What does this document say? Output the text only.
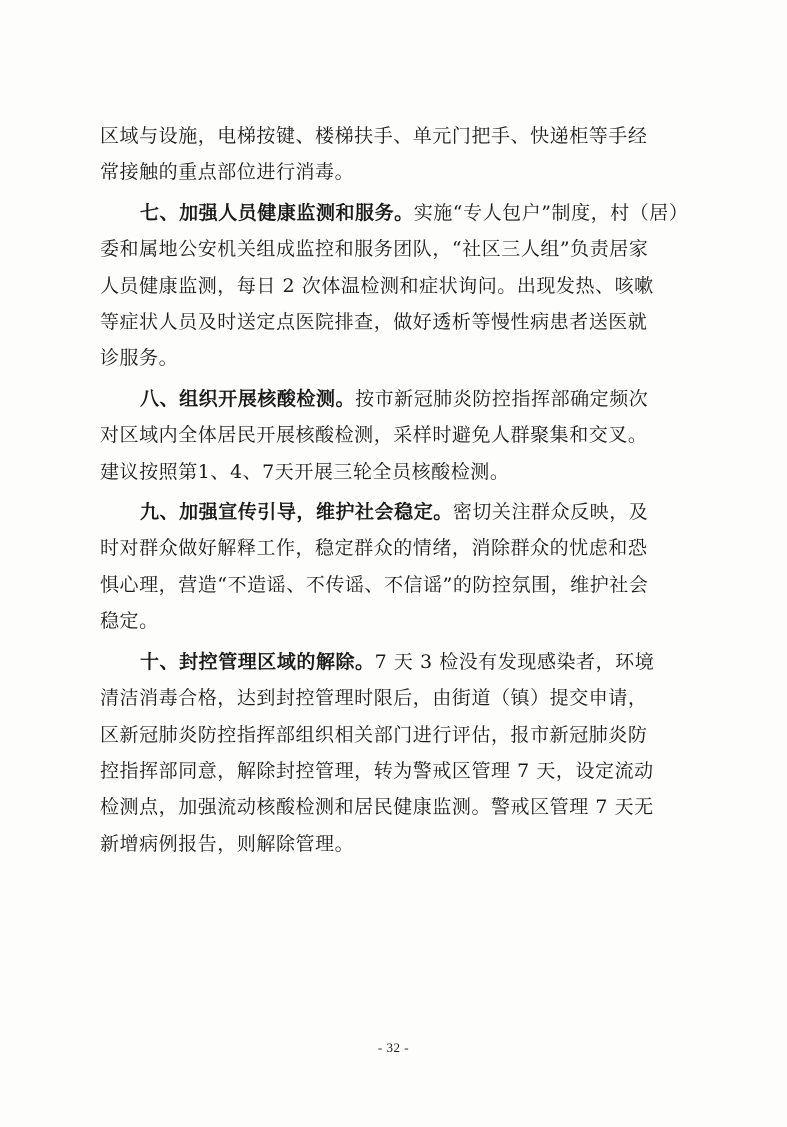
区域与设施，电梯按键、楼梯扶手、单元门把手、快递柜等手经
常接触的重点部位进行消毒。
七、加强人员健康监测和服务。实施“专人包户”制度，村（居）
委和属地公安机关组成监控和服务团队，“社区三人组”负责居家
人员健康监测，每日 2 次体温检测和症状询问。出现发热、咳嗽
等症状人员及时送定点医院排查，做好透析等慢性病患者送医就
诊服务。
八、组织开展核酸检测。按市新冠肺炎防控指挥部确定频次
对区域内全体居民开展核酸检测，采样时避免人群聚集和交叉。
建议按照第1、4、7天开展三轮全员核酸检测。
九、加强宣传引导，维护社会稳定。密切关注群众反映，及
时对群众做好解释工作，稳定群众的情绪，消除群众的忧虑和恐
惧心理，营造“不造谣、不传谣、不信谣”的防控氛围，维护社会
稳定。
十、封控管理区域的解除。7 天 3 检没有发现感染者，环境
清洁消毒合格，达到封控管理时限后，由街道（镇）提交申请，
区新冠肺炎防控指挥部组织相关部门进行评估，报市新冠肺炎防
控指挥部同意，解除封控管理，转为警戒区管理 7 天，设定流动
检测点，加强流动核酸检测和居民健康监测。警戒区管理 7 天无
新增病例报告，则解除管理。
- 32 -
